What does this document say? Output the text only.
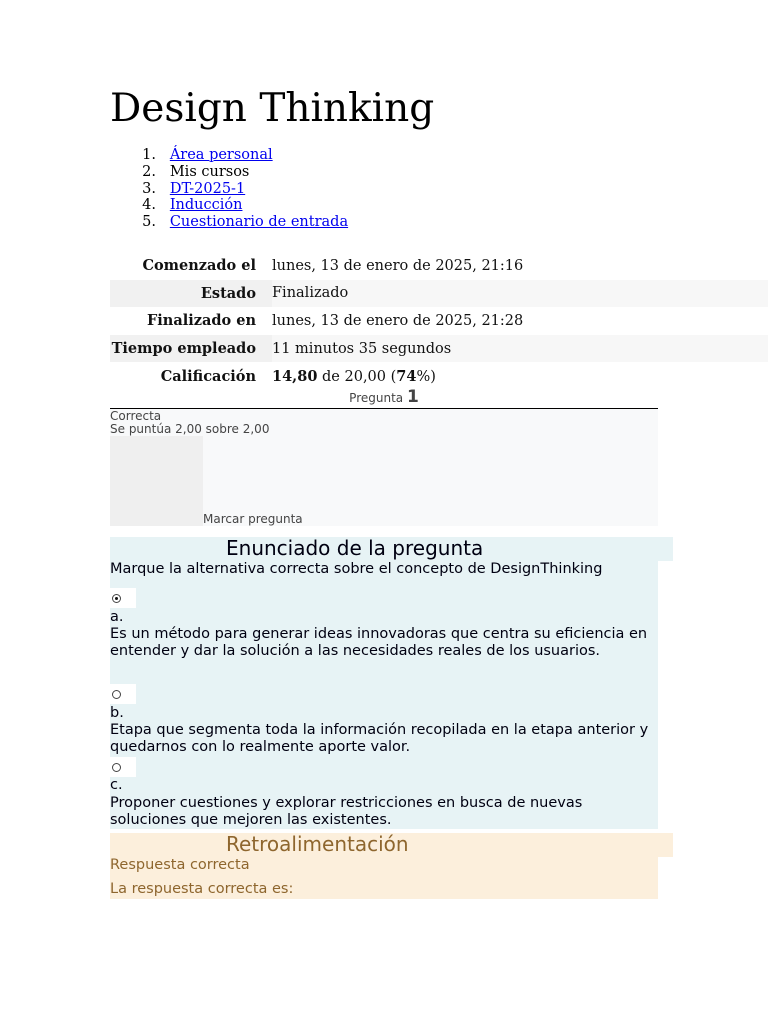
Design Thinking
1.
Área personal
2.
Mis cursos
3.
DT-2025-1
4.
Inducción
5.
Cuestionario de entrada
Comenzado el	lunes, 13 de enero de 2025, 21:16
Estado	Finalizado
Finalizado en	lunes, 13 de enero de 2025, 21:28
Tiempo empleado	11 minutos 35 segundos
Calificación	14,80 de 20,00 (74%)
Pregunta 1
Correcta
Se puntúa 2,00 sobre 2,00
Marcar pregunta
Enunciado de la pregunta
Marque la alternativa correcta sobre el concepto de DesignThinking
a.
Es un método para generar ideas innovadoras que centra su eficiencia en entender y dar la solución a las necesidades reales de los usuarios.
b.
Etapa que segmenta toda la información recopilada en la etapa anterior y quedarnos con lo realmente aporte valor.
c.
Proponer cuestiones y explorar restricciones en busca de nuevas soluciones que mejoren las existentes.
Retroalimentación
Respuesta correcta
La respuesta correcta es:
